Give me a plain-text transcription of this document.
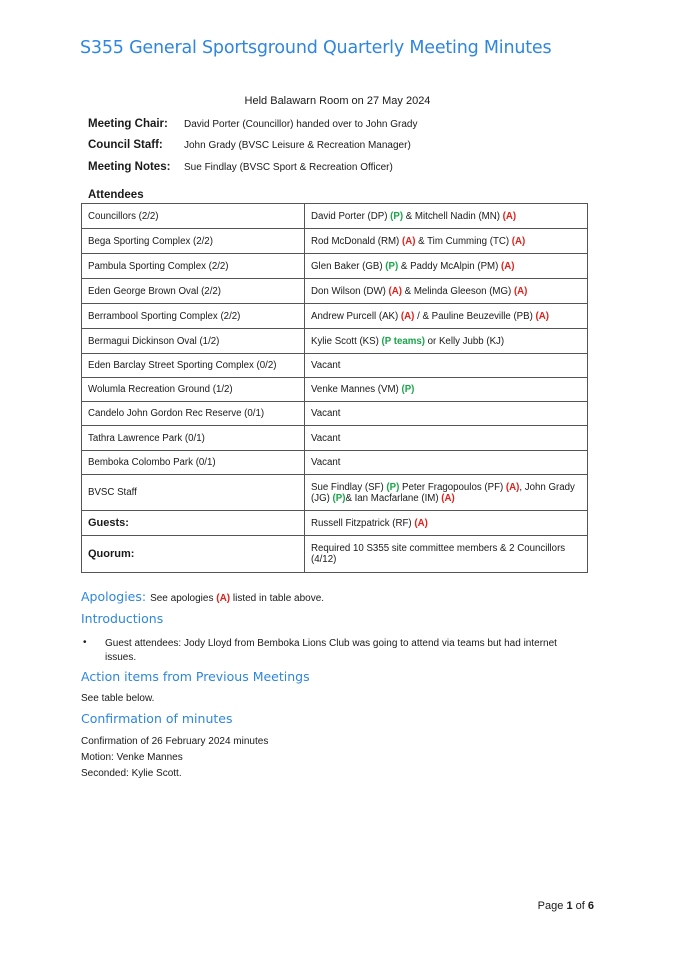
S355 General Sportsground Quarterly Meeting Minutes
Held Balawarn Room on 27 May 2024
Meeting Chair: David Porter (Councillor) handed over to John Grady
Council Staff: John Grady (BVSC Leisure & Recreation Manager)
Meeting Notes: Sue Findlay (BVSC Sport & Recreation Officer)
Attendees
Councillors (2/2)	David Porter (DP) (P) & Mitchell Nadin (MN) (A)
Bega Sporting Complex (2/2)	Rod McDonald (RM) (A) & Tim Cumming (TC) (A)
Pambula Sporting Complex (2/2)	Glen Baker (GB) (P) & Paddy McAlpin (PM) (A)
Eden George Brown Oval (2/2)	Don Wilson (DW) (A) & Melinda Gleeson (MG) (A)
Berrambool Sporting Complex (2/2)	Andrew Purcell (AK) (A) / & Pauline Beuzeville (PB) (A)
Bermagui Dickinson Oval (1/2)	Kylie Scott (KS) (P teams) or Kelly Jubb (KJ)
Eden Barclay Street Sporting Complex (0/2)	Vacant
Wolumla Recreation Ground (1/2)	Venke Mannes (VM) (P)
Candelo John Gordon Rec Reserve (0/1)	Vacant
Tathra Lawrence Park (0/1)	Vacant
Bemboka Colombo Park (0/1)	Vacant
BVSC Staff	Sue Findlay (SF) (P) Peter Fragopoulos (PF) (A), John Grady (JG) (P)& Ian Macfarlane (IM) (A)
Guests:	Russell Fitzpatrick (RF) (A)
Quorum:	Required 10 S355 site committee members & 2 Councillors (4/12)
Apologies: See apologies (A) listed in table above.
Introductions
• Guest attendees: Jody Lloyd from Bemboka Lions Club was going to attend via teams but had internet issues.
Action items from Previous Meetings
See table below.
Confirmation of minutes
Confirmation of 26 February 2024 minutes
Motion: Venke Mannes
Seconded: Kylie Scott.
Page 1 of 6
